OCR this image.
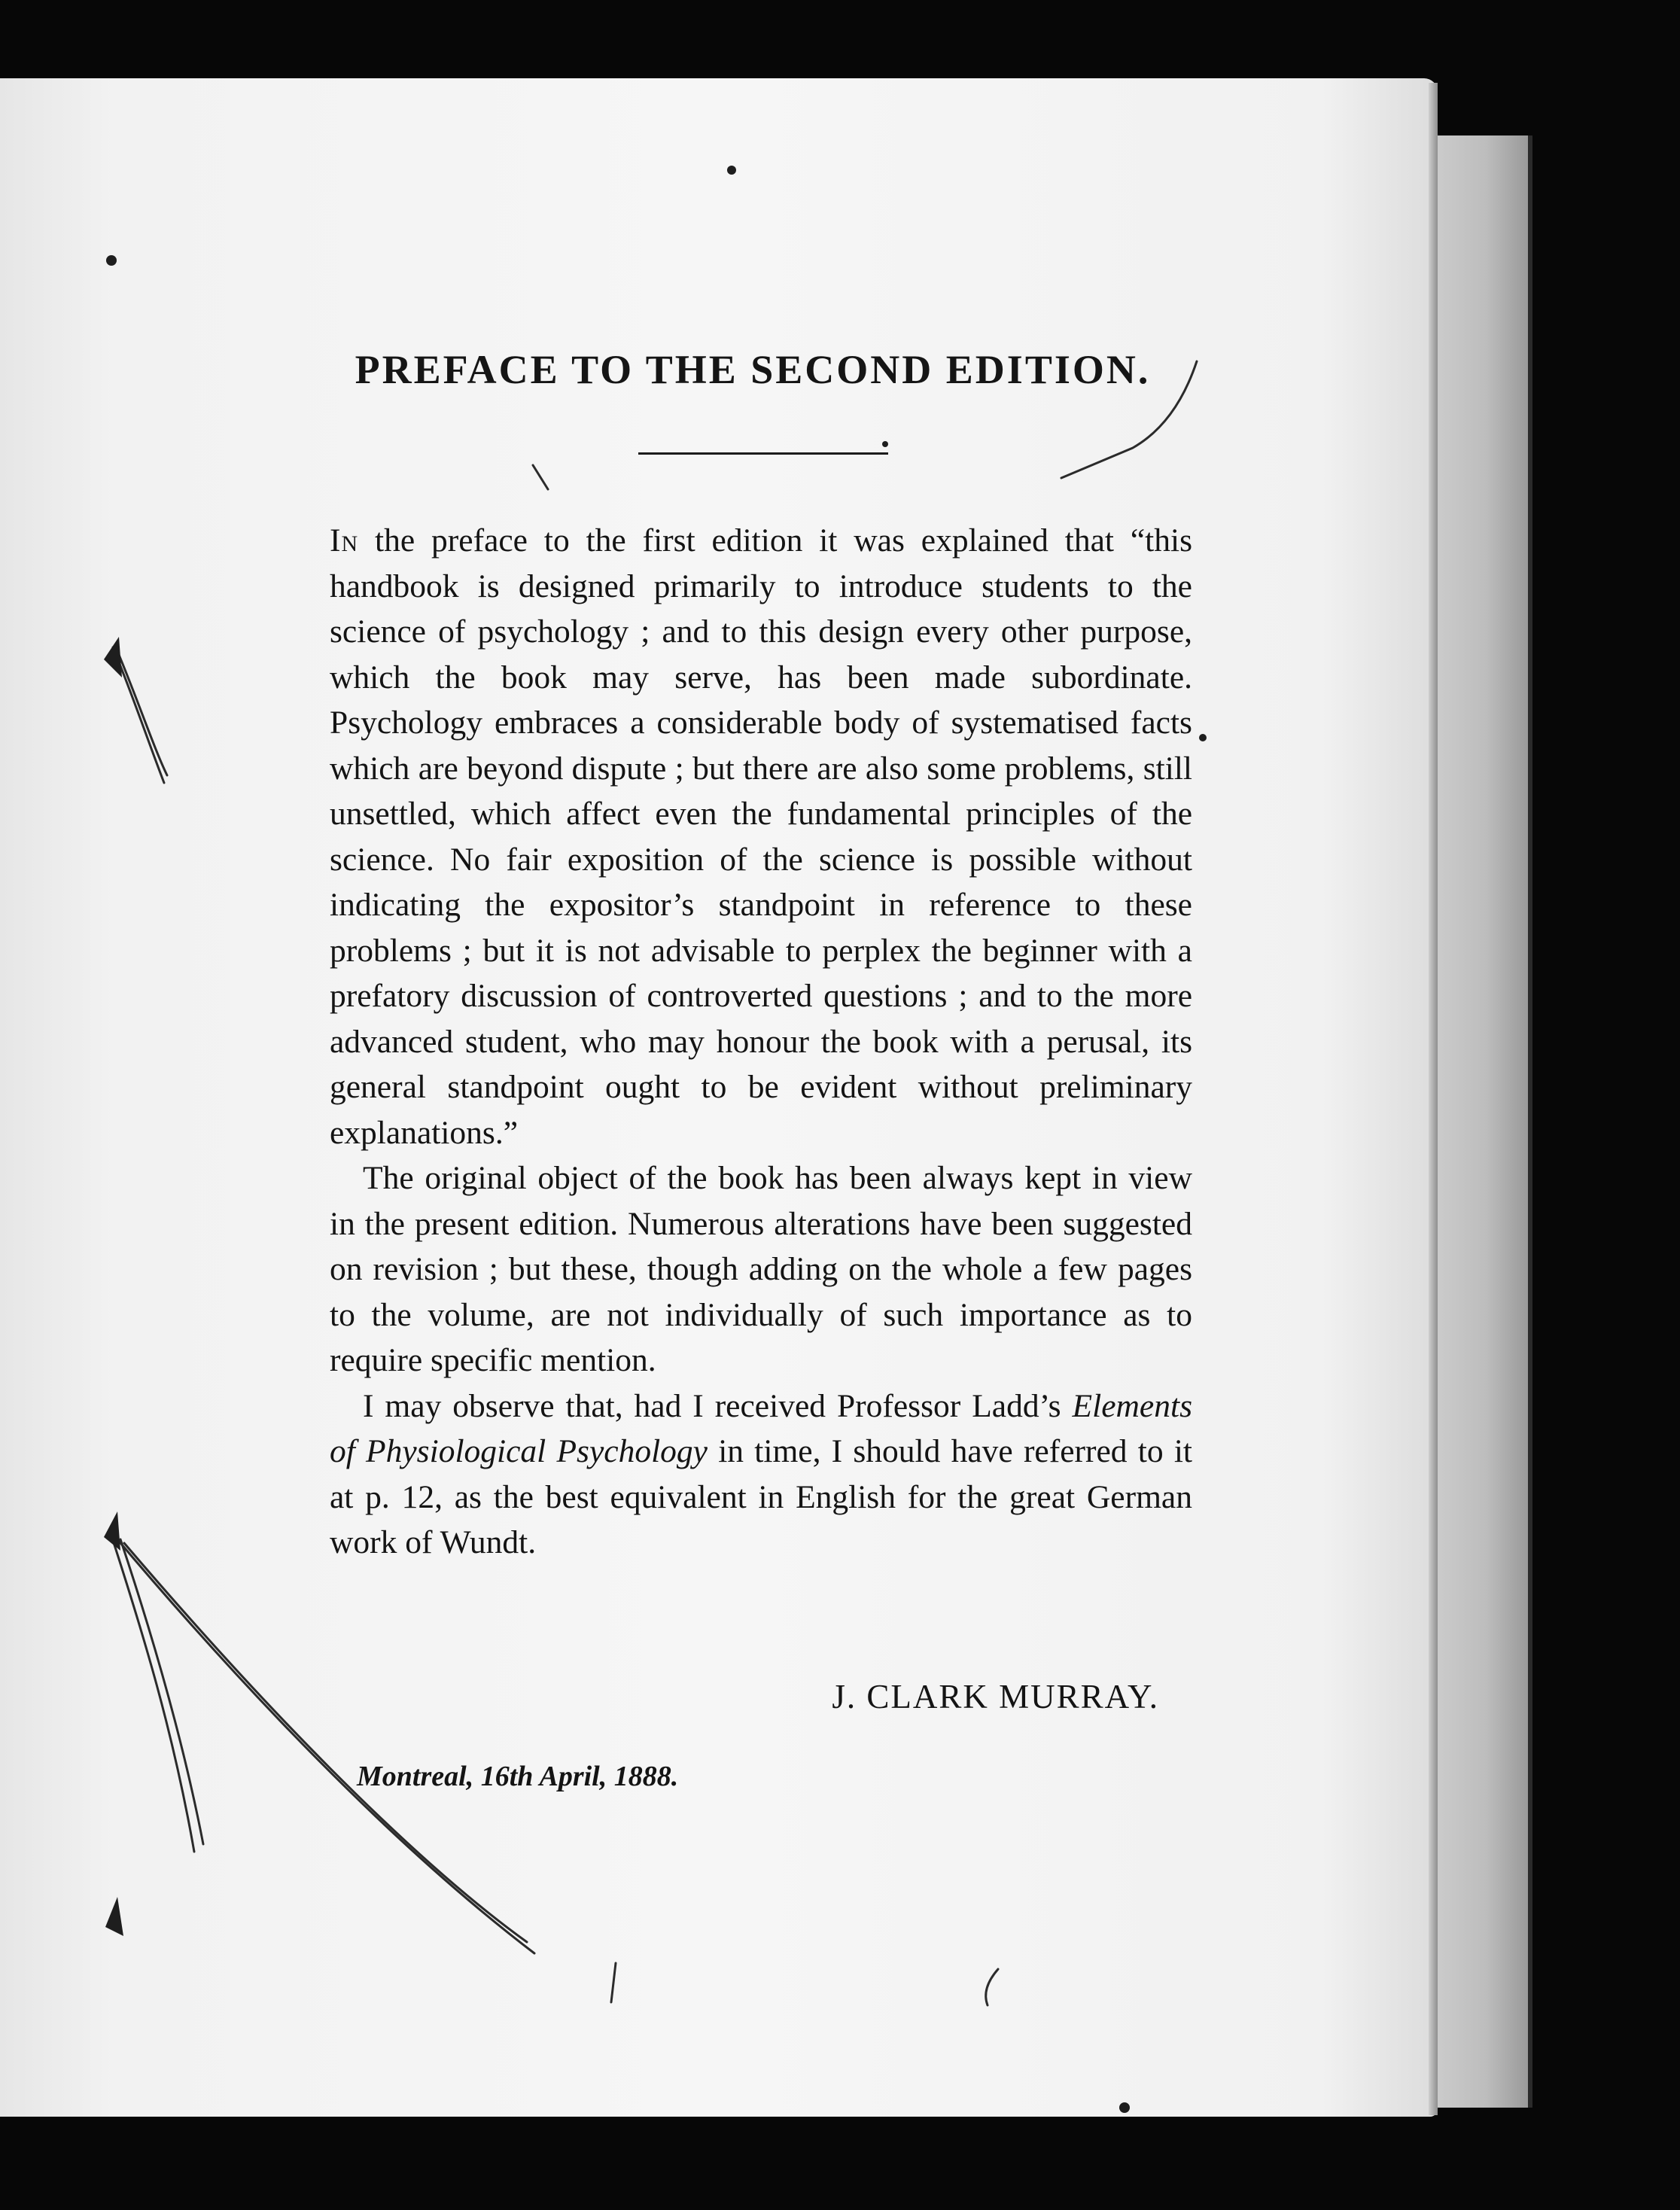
PREFACE TO THE SECOND EDITION.

In the preface to the first edition it was explained that “this handbook is designed primarily to introduce students to the science of psychology ; and to this design every other purpose, which the book may serve, has been made subordinate. Psychology embraces a considerable body of systematised facts which are beyond dispute ; but there are also some problems, still unsettled, which affect even the fundamental principles of the science. No fair exposition of the science is possible without indicating the expositor’s standpoint in reference to these problems ; but it is not advisable to perplex the beginner with a prefatory discussion of controverted questions ; and to the more advanced student, who may honour the book with a perusal, its general standpoint ought to be evident without preliminary explanations.”

The original object of the book has been always kept in view in the present edition. Numerous alterations have been suggested on revision ; but these, though adding on the whole a few pages to the volume, are not individually of such importance as to require specific mention.

I may observe that, had I received Professor Ladd’s Elements of Physiological Psychology in time, I should have referred to it at p. 12, as the best equivalent in English for the great German work of Wundt.

J. CLARK MURRAY.
Montreal, 16th April, 1888.
